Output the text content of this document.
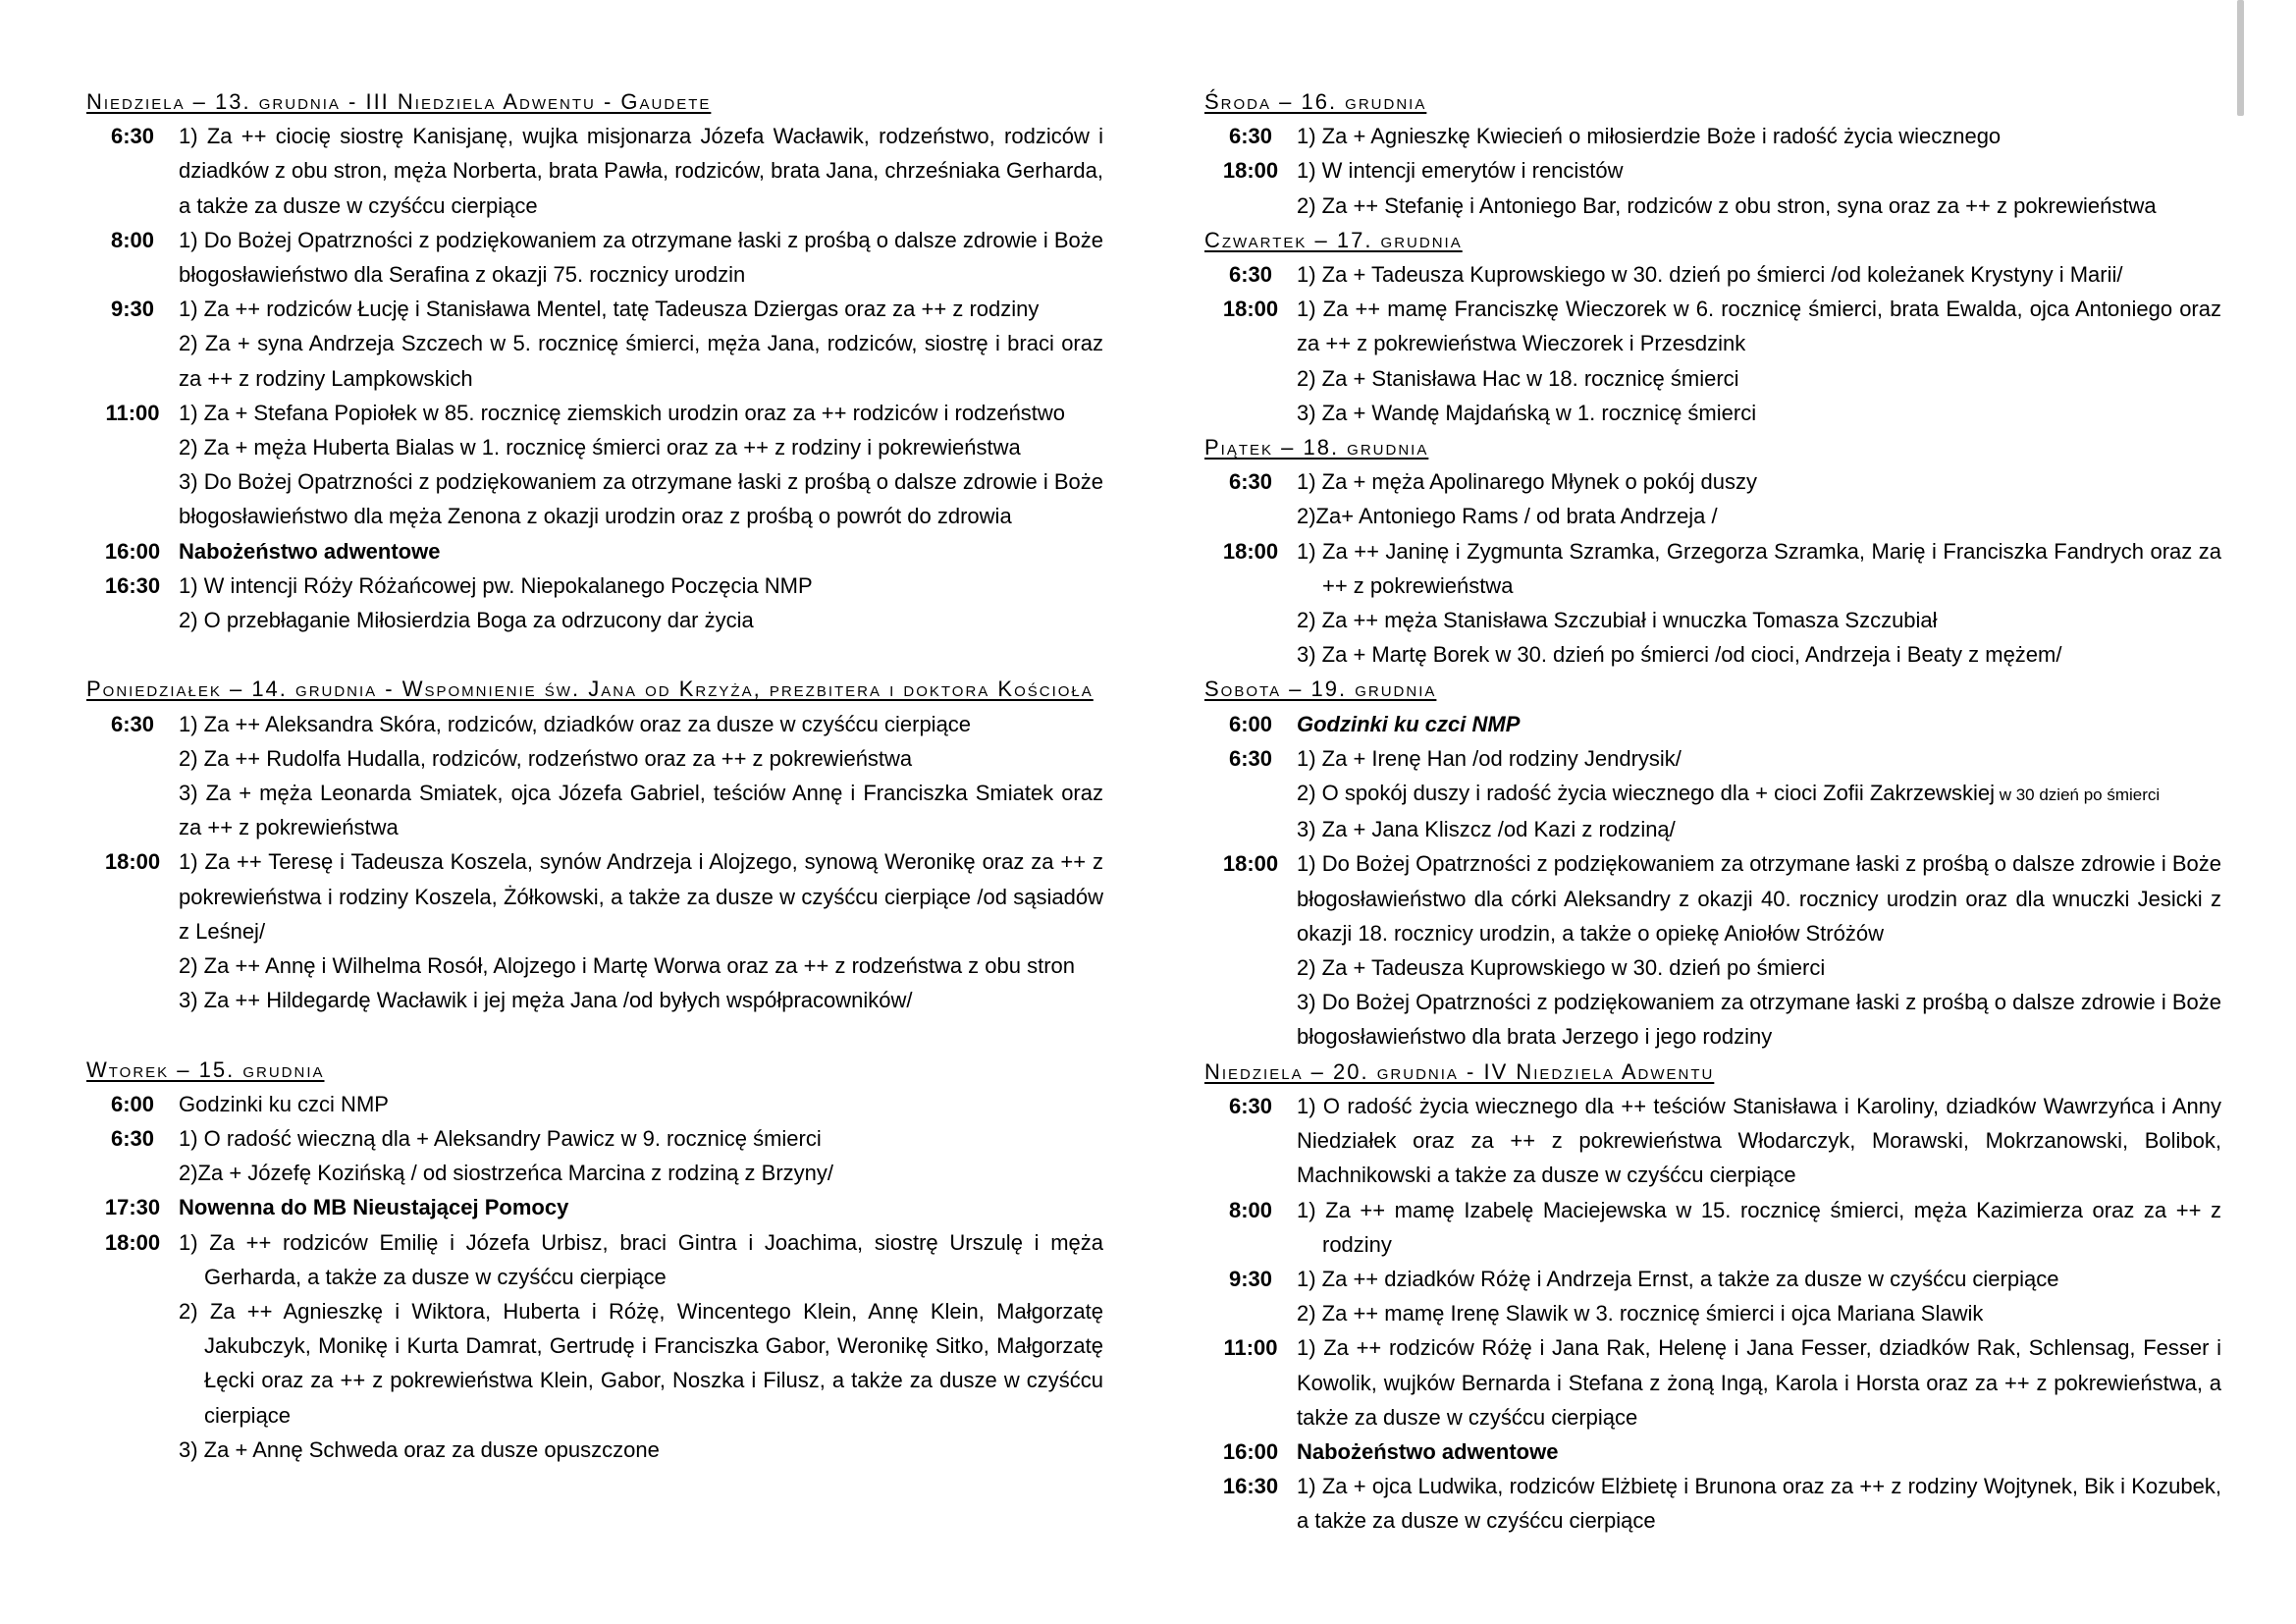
Niedziela – 13. grudnia - III Niedziela Adwentu - Gaudete
6:30	1) Za ++ ciocię siostrę Kanisjanę, wujka misjonarza Józefa Wacławik, rodzeństwo, rodziców i dziadków z obu stron, męża Norberta, brata Pawła, rodziców, brata Jana, chrześniaka Gerharda, a także za dusze w czyśćcu cierpiące
8:00	1) Do Bożej Opatrzności z podziękowaniem za otrzymane łaski z prośbą o dalsze zdrowie i Boże błogosławieństwo dla Serafina z okazji 75. rocznicy urodzin
9:30	1) Za ++ rodziców Łucję i Stanisława Mentel, tatę Tadeusza Dziergas oraz za ++ z rodziny
2) Za + syna Andrzeja Szczech w 5. rocznicę śmierci, męża Jana, rodziców, siostrę i braci oraz za ++ z rodziny Lampkowskich
11:00 1) Za + Stefana Popiołek w 85. rocznicę ziemskich urodzin oraz za ++ rodziców i rodzeństwo
2) Za + męża Huberta Bialas w 1. rocznicę śmierci oraz za ++ z rodziny i pokrewieństwa
3) Do Bożej Opatrzności z podziękowaniem za otrzymane łaski z prośbą o dalsze zdrowie i Boże błogosławieństwo dla męża Zenona z okazji urodzin oraz z prośbą o powrót do zdrowia
16:00 Nabożeństwo adwentowe
16:30 1) W intencji Róży Różańcowej pw. Niepokalanego Poczęcia NMP
2) O przebłaganie Miłosierdzia Boga za odrzucony dar życia
Poniedziałek – 14. grudnia - Wspomnienie św. Jana od Krzyża, prezbitera i doktora Kościoła
6:30	1) Za ++ Aleksandra Skóra, rodziców, dziadków oraz za dusze w czyśćcu cierpiące
2) Za ++ Rudolfa Hudalla, rodziców, rodzeństwo oraz za ++ z pokrewieństwa
3) Za + męża Leonarda Smiatek, ojca Józefa Gabriel, teściów Annę i Franciszka Smiatek oraz za ++ z pokrewieństwa
18:00 1) Za ++ Teresę i Tadeusza Koszela, synów Andrzeja i Alojzego, synową Weronikę oraz za ++ z pokrewieństwa i rodziny Koszela, Żółkowski, a także za dusze w czyśćcu cierpiące /od sąsiadów z Leśnej/
2) Za ++ Annę i Wilhelma Rosół, Alojzego i Martę Worwa oraz za ++ z rodzeństwa z obu stron
3) Za ++ Hildegardę Wacławik i jej męża Jana /od byłych współpracowników/
Wtorek – 15. grudnia
6:00	Godzinki ku czci NMP
6:30	1) O radość wieczną dla + Aleksandry Pawicz w 9. rocznicę śmierci
2)Za + Józefę Kozińską / od siostrzeńca Marcina z rodziną z Brzyny/
17:30 Nowenna do MB Nieustającej Pomocy
18:00 1) Za ++ rodziców Emilię i Józefa Urbisz, braci Gintra i Joachima, siostrę Urszulę i męża Gerharda, a także za dusze w czyśćcu cierpiące
2) Za ++ Agnieszkę i Wiktora, Huberta i Różę, Wincentego Klein, Annę Klein, Małgorzatę Jakubczyk, Monikę i Kurta Damrat, Gertrudę i Franciszka Gabor, Weronikę Sitko, Małgorzatę Łęcki oraz za ++ z pokrewieństwa Klein, Gabor, Noszka i Filusz, a także za dusze w czyśćcu cierpiące
3) Za + Annę Schweda oraz za dusze opuszczone
Środa – 16. grudnia
6:30	1) Za + Agnieszkę Kwiecień o miłosierdzie Boże i radość życia wiecznego
18:00 1) W intencji emerytów i rencistów
2) Za ++ Stefanię i Antoniego Bar, rodziców z obu stron, syna oraz za ++ z pokrewieństwa
Czwartek – 17. grudnia
6:30	1) Za + Tadeusza Kuprowskiego w 30. dzień po śmierci /od koleżanek Krystyny i Marii/
18:00 1) Za ++ mamę Franciszkę Wieczorek w 6. rocznicę śmierci, brata Ewalda, ojca Antoniego oraz za ++ z pokrewieństwa Wieczorek i Przesdzink
2) Za + Stanisława Hac w 18. rocznicę śmierci
3) Za + Wandę Majdańską w 1. rocznicę śmierci
Piątek – 18. grudnia
6:30	1) Za + męża Apolinarego Młynek o pokój duszy
2)Za+ Antoniego Rams / od brata Andrzeja /
18:00 1) Za ++ Janinę i Zygmunta Szramka, Grzegorza Szramka, Marię i Franciszka Fandrych oraz za ++ z pokrewieństwa
2) Za ++ męża Stanisława Szczubiał i wnuczka Tomasza Szczubiał
3) Za + Martę Borek w 30. dzień po śmierci /od cioci, Andrzeja i Beaty z mężem/
Sobota – 19. grudnia
6:00	Godzinki ku czci NMP
6:30	1) Za + Irenę Han /od rodziny Jendrysik/
2) O spokój duszy i radość życia wiecznego dla + cioci Zofii Zakrzewskiej w 30 dzień po śmierci
3) Za + Jana Kliszcz /od Kazi z rodziną/
18:00 1) Do Bożej Opatrzności z podziękowaniem za otrzymane łaski z prośbą o dalsze zdrowie i Boże błogosławieństwo dla córki Aleksandry z okazji 40. rocznicy urodzin oraz dla wnuczki Jesicki z okazji 18. rocznicy urodzin, a także o opiekę Aniołów Stróżów
2) Za + Tadeusza Kuprowskiego w 30. dzień po śmierci
3) Do Bożej Opatrzności z podziękowaniem za otrzymane łaski z prośbą o dalsze zdrowie i Boże błogosławieństwo dla brata Jerzego i jego rodziny
Niedziela – 20. grudnia - IV Niedziela Adwentu
6:30	1) O radość życia wiecznego dla ++ teściów Stanisława i Karoliny, dziadków Wawrzyńca i Anny Niedziałek oraz za ++ z pokrewieństwa Włodarczyk, Morawski, Mokrzanowski, Bolibok, Machnikowski a także za dusze w czyśćcu cierpiące
8:00	1) Za ++ mamę Izabelę Maciejewska w 15. rocznicę śmierci, męża Kazimierza oraz za ++ z rodziny
9:30	1) Za ++ dziadków Różę i Andrzeja Ernst, a także za dusze w czyśćcu cierpiące
2) Za ++ mamę Irenę Slawik w 3. rocznicę śmierci i ojca Mariana Slawik
11:00 1) Za ++ rodziców Różę i Jana Rak, Helenę i Jana Fesser, dziadków Rak, Schlensag, Fesser i Kowolik, wujków Bernarda i Stefana z żoną Ingą, Karola i Horsta oraz za ++ z pokrewieństwa, a także za dusze w czyśćcu cierpiące
16:00 Nabożeństwo adwentowe
16:30 1) Za + ojca Ludwika, rodziców Elżbietę i Brunona oraz za ++ z rodziny Wojtynek, Bik i Kozubek, a także za dusze w czyśćcu cierpiące
